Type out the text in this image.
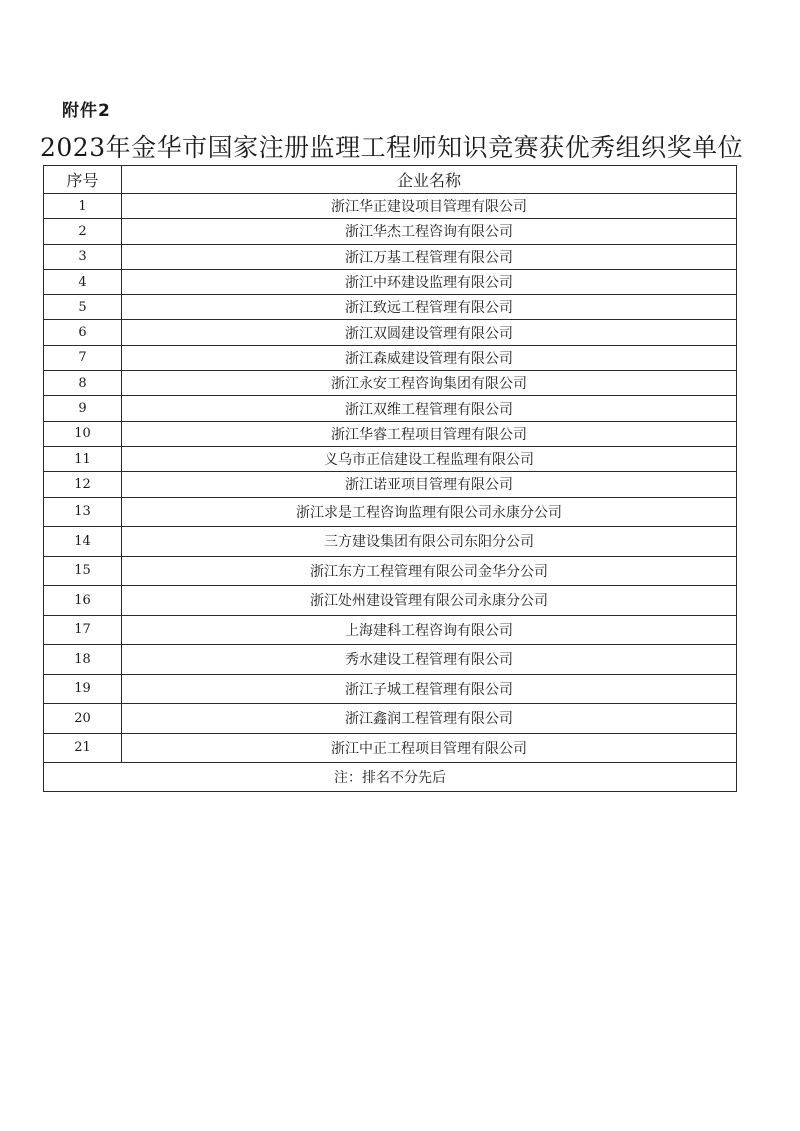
附件2
2023年金华市国家注册监理工程师知识竞赛获优秀组织奖单位
序号	企业名称
1	浙江华正建设项目管理有限公司
2	浙江华杰工程咨询有限公司
3	浙江万基工程管理有限公司
4	浙江中环建设监理有限公司
5	浙江致远工程管理有限公司
6	浙江双圆建设管理有限公司
7	浙江森威建设管理有限公司
8	浙江永安工程咨询集团有限公司
9	浙江双维工程管理有限公司
10	浙江华睿工程项目管理有限公司
11	义乌市正信建设工程监理有限公司
12	浙江诺亚项目管理有限公司
13	浙江求是工程咨询监理有限公司永康分公司
14	三方建设集团有限公司东阳分公司
15	浙江东方工程管理有限公司金华分公司
16	浙江处州建设管理有限公司永康分公司
17	上海建科工程咨询有限公司
18	秀水建设工程管理有限公司
19	浙江子城工程管理有限公司
20	浙江鑫润工程管理有限公司
21	浙江中正工程项目管理有限公司
注：排名不分先后	
